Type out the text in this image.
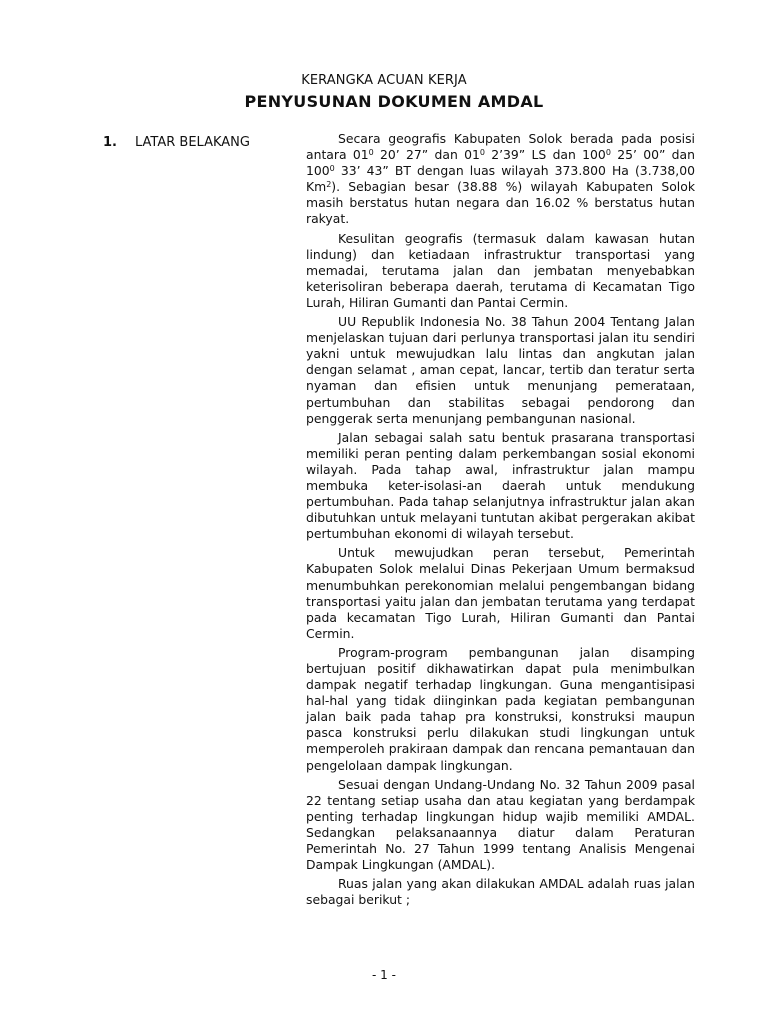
KERANGKA ACUAN KERJA
PENYUSUNAN DOKUMEN AMDAL
1. LATAR BELAKANG	Secara geografis Kabupaten Solok berada pada posisi antara $01^0$ 20’ 27” dan $01^0$ 2’39” LS dan $100^0$ 25’ 00” dan $100^0$ 33’ 43” BT dengan luas wilayah 373.800 Ha (3.738,00 Km$^2$). Sebagian besar (38.88 %) wilayah Kabupaten Solok masih berstatus hutan negara dan 16.02 % berstatus hutan rakyat.

Kesulitan geografis (termasuk dalam kawasan hutan lindung) dan ketiadaan infrastruktur transportasi yang memadai, terutama jalan dan jembatan menyebabkan keterisoliran beberapa daerah, terutama di Kecamatan Tigo Lurah, Hiliran Gumanti dan Pantai Cermin.

UU Republik Indonesia No. 38 Tahun 2004 Tentang Jalan menjelaskan tujuan dari perlunya transportasi jalan itu sendiri yakni untuk mewujudkan lalu lintas dan angkutan jalan dengan selamat , aman cepat, lancar, tertib dan teratur serta nyaman dan efisien untuk menunjang pemerataan, pertumbuhan dan stabilitas sebagai pendorong dan penggerak serta menunjang pembangunan nasional.

Jalan sebagai salah satu bentuk prasarana transportasi memiliki peran penting dalam perkembangan sosial ekonomi wilayah. Pada tahap awal, infrastruktur jalan mampu membuka keter-isolasi-an daerah untuk mendukung pertumbuhan. Pada tahap selanjutnya infrastruktur jalan akan dibutuhkan untuk melayani tuntutan akibat pergerakan akibat pertumbuhan ekonomi di wilayah tersebut.

Untuk mewujudkan peran tersebut, Pemerintah Kabupaten Solok melalui Dinas Pekerjaan Umum bermaksud menumbuhkan perekonomian melalui pengembangan bidang transportasi yaitu jalan dan jembatan terutama yang terdapat pada kecamatan Tigo Lurah, Hiliran Gumanti dan Pantai Cermin.

Program-program pembangunan jalan disamping bertujuan positif dikhawatirkan dapat pula menimbulkan dampak negatif terhadap lingkungan. Guna mengantisipasi hal-hal yang tidak diinginkan pada kegiatan pembangunan jalan baik pada tahap pra konstruksi, konstruksi maupun pasca konstruksi perlu dilakukan studi lingkungan untuk memperoleh prakiraan dampak dan rencana pemantauan dan pengelolaan dampak lingkungan.

Sesuai dengan Undang-Undang No. 32 Tahun 2009 pasal 22 tentang setiap usaha dan atau kegiatan yang berdampak penting terhadap lingkungan hidup wajib memiliki AMDAL. Sedangkan pelaksanaannya diatur dalam Peraturan Pemerintah No. 27 Tahun 1999 tentang Analisis Mengenai Dampak Lingkungan (AMDAL).

Ruas jalan yang akan dilakukan AMDAL adalah ruas jalan sebagai berikut ;

- 1 -
